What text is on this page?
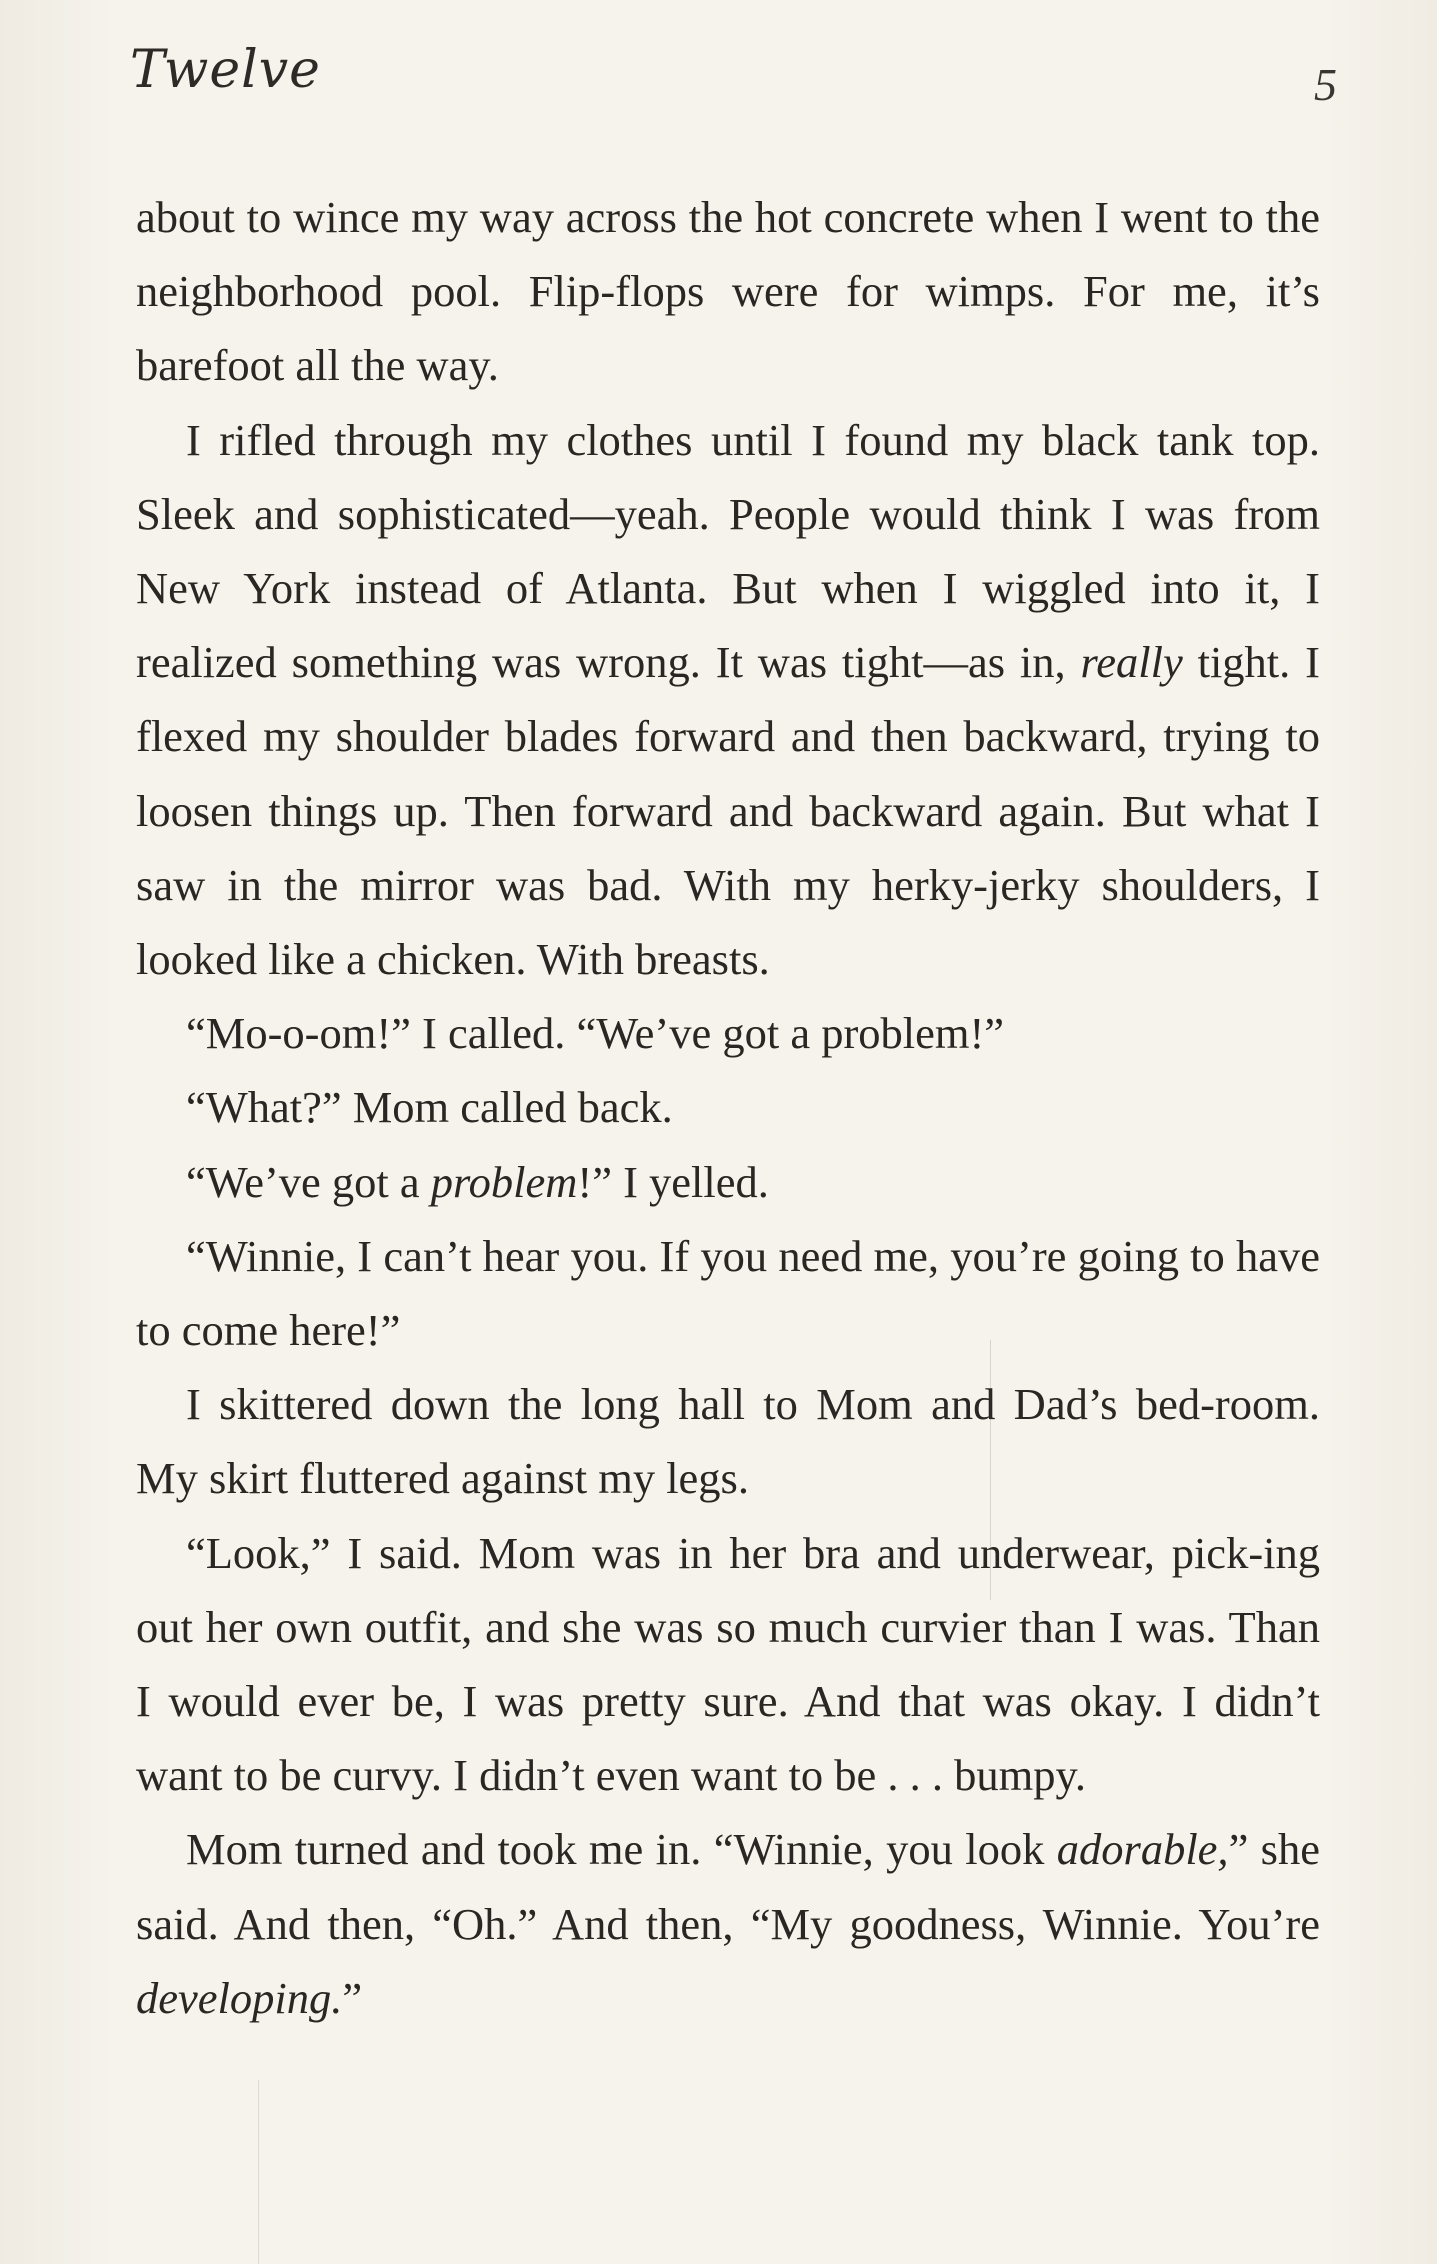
Twelve	5

about to wince my way across the hot concrete when I went to the neighborhood pool. Flip-flops were for wimps. For me, it’s barefoot all the way.

I rifled through my clothes until I found my black tank top. Sleek and sophisticated—yeah. People would think I was from New York instead of Atlanta. But when I wiggled into it, I realized something was wrong. It was tight—as in, really tight. I flexed my shoulder blades forward and then backward, trying to loosen things up. Then forward and backward again. But what I saw in the mirror was bad. With my herky-jerky shoulders, I looked like a chicken. With breasts.

“Mo-o-om!” I called. “We’ve got a problem!”

“What?” Mom called back.

“We’ve got a problem!” I yelled.

“Winnie, I can’t hear you. If you need me, you’re going to have to come here!”

I skittered down the long hall to Mom and Dad’s bed-room. My skirt fluttered against my legs.

“Look,” I said. Mom was in her bra and underwear, pick-ing out her own outfit, and she was so much curvier than I was. Than I would ever be, I was pretty sure. And that was okay. I didn’t want to be curvy. I didn’t even want to be . . . bumpy.

Mom turned and took me in. “Winnie, you look adorable,” she said. And then, “Oh.” And then, “My goodness, Winnie. You’re developing.”
